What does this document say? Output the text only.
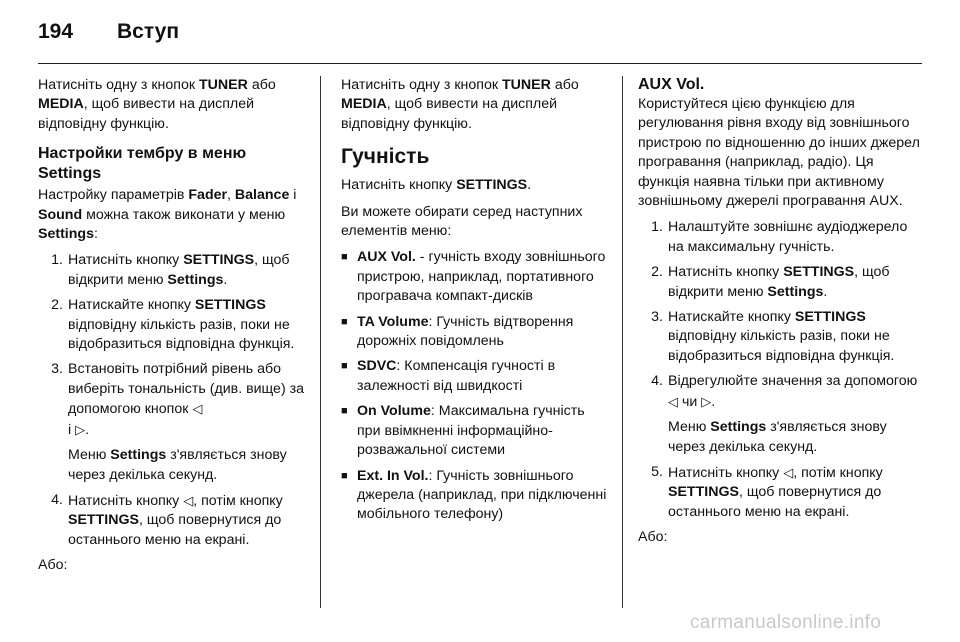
194	Вступ

Натисніть одну з кнопок TUNER або MEDIA, щоб вивести на дисплей відповідну функцію.

Настройки тембру в меню Settings

Настройку параметрів Fader, Balance і Sound можна також виконати у меню Settings:

1. Натисніть кнопку SETTINGS, щоб відкрити меню Settings.
2. Натискайте кнопку SETTINGS відповідну кількість разів, поки не відобразиться відповідна функція.
3. Встановіть потрібний рівень або виберіть тональність (див. вище) за допомогою кнопок ◁
і ▷.
Меню Settings з'являється знову через декілька секунд.
4. Натисніть кнопку ◁, потім кнопку SETTINGS, щоб повернутися до останнього меню на екрані.

Або:

Натисніть одну з кнопок TUNER або MEDIA, щоб вивести на дисплей відповідну функцію.

Гучність

Натисніть кнопку SETTINGS.

Ви можете обирати серед наступних елементів меню:

■ AUX Vol. - гучність входу зовнішнього пристрою, наприклад, портативного програвача компакт-дисків
■ TA Volume: Гучність відтворення дорожніх повідомлень
■ SDVC: Компенсація гучності в залежності від швидкості
■ On Volume: Максимальна гучність при ввімкненні інформаційно-розважальної системи
■ Ext. In Vol.: Гучність зовнішнього джерела (наприклад, при підключенні мобільного телефону)
AUX Vol.

Користуйтеся цією функцією для регулювання рівня входу від зовнішнього пристрою по відношенню до інших джерел програвання (наприклад, радіо). Ця функція наявна тільки при активному зовнішньому джерелі програвання AUX.

1. Налаштуйте зовнішнє аудіоджерело на максимальну гучність.
2. Натисніть кнопку SETTINGS, щоб відкрити меню Settings.
3. Натискайте кнопку SETTINGS відповідну кількість разів, поки не відобразиться відповідна функція.
4. Відрегулюйте значення за допомогою ◁ чи ▷.
Меню Settings з'являється знову через декілька секунд.
5. Натисніть кнопку ◁, потім кнопку SETTINGS, щоб повернутися до останнього меню на екрані.

Або:

carmanualsonline.info
